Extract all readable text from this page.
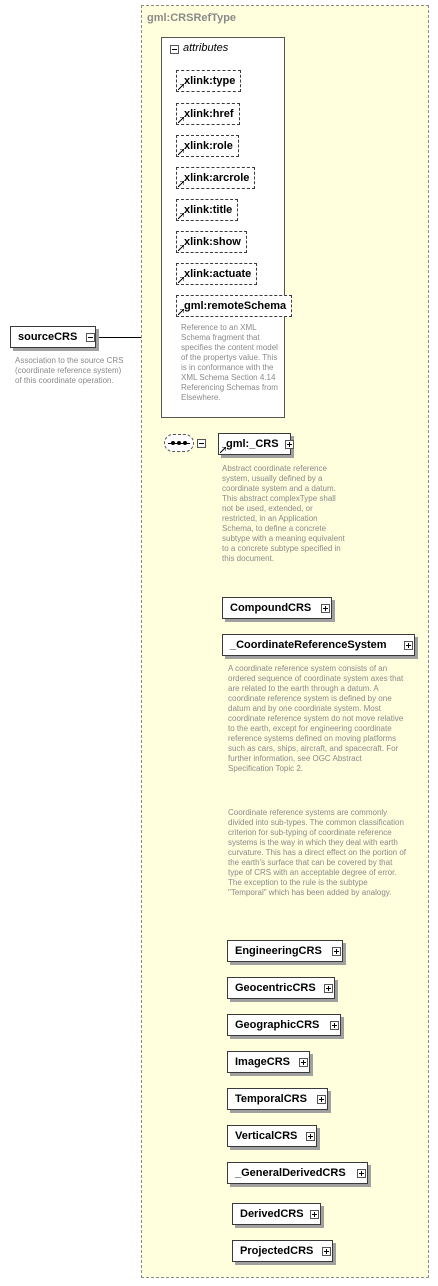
sourceCRS
Association to the source CRS (coordinate reference system) of this coordinate operation.
gml:CRSRefType
attributes
xlink:type
xlink:href
xlink:role
xlink:arcrole
xlink:title
xlink:show
xlink:actuate
gml:remoteSchema
Reference to an XML Schema fragment that specifies the content model of the propertys value. This is in conformance with the XML Schema Section 4.14 Referencing Schemas from Elsewhere.
gml:_CRS
Abstract coordinate reference system, usually defined by a coordinate system and a datum. This abstract complexType shall not be used, extended, or restricted, in an Application Schema, to define a concrete subtype with a meaning equivalent to a concrete subtype specified in this document.
CompoundCRS
_CoordinateReferenceSystem
A coordinate reference system consists of an ordered sequence of coordinate system axes that are related to the earth through a datum. A coordinate reference system is defined by one datum and by one coordinate system. Most coordinate reference system do not move relative to the earth, except for engineering coordinate reference systems defined on moving platforms such as cars, ships, aircraft, and spacecraft. For further information, see OGC Abstract Specification Topic 2.
Coordinate reference systems are commonly divided into sub-types. The common classification criterion for sub-typing of coordinate reference systems is the way in which they deal with earth curvature. This has a direct effect on the portion of the earth's surface that can be covered by that type of CRS with an acceptable degree of error. The exception to the rule is the subtype "Temporal" which has been added by analogy.
EngineeringCRS
GeocentricCRS
GeographicCRS
ImageCRS
TemporalCRS
VerticalCRS
_GeneralDerivedCRS
DerivedCRS
ProjectedCRS
